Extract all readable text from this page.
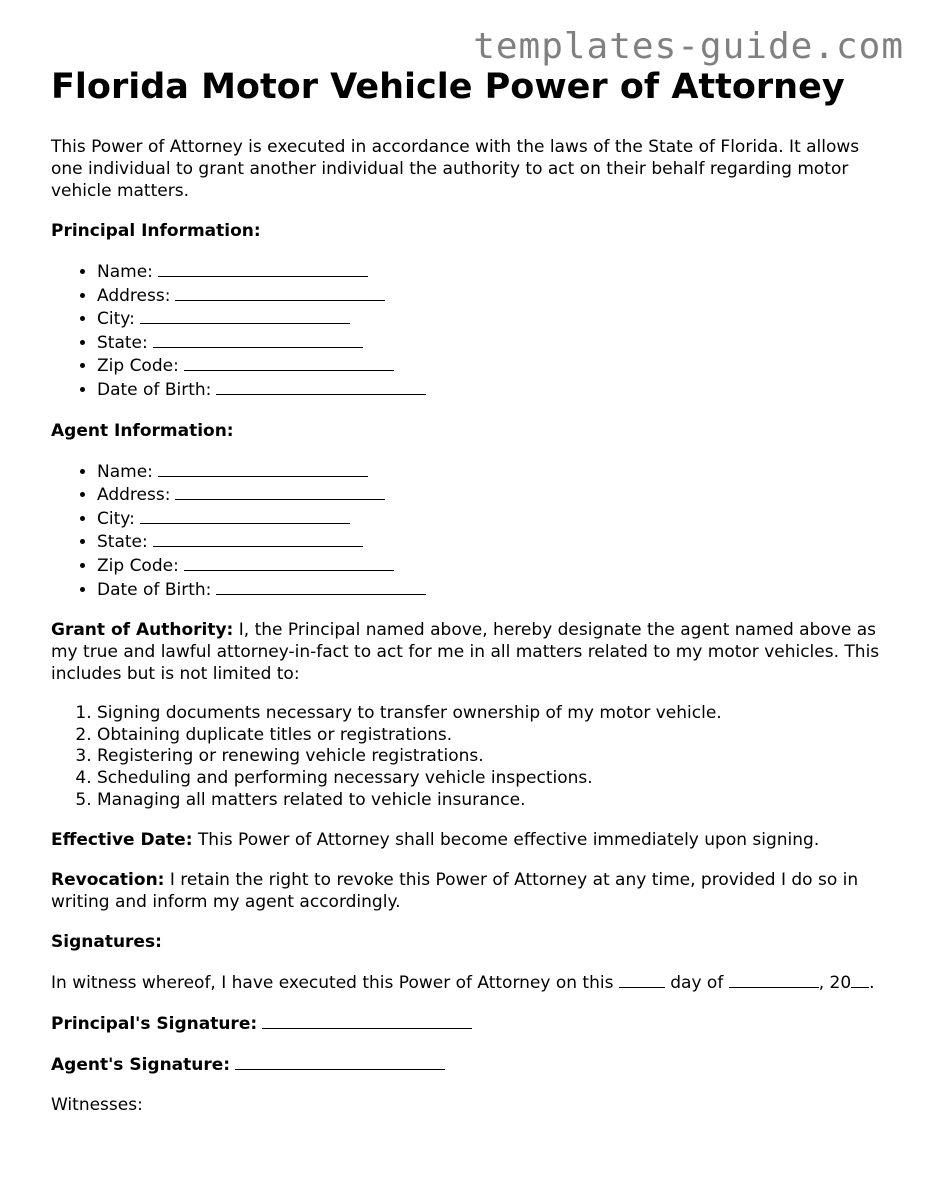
templates-guide.com
Florida Motor Vehicle Power of Attorney

This Power of Attorney is executed in accordance with the laws of the State of Florida. It allows one individual to grant another individual the authority to act on their behalf regarding motor vehicle matters.

Principal Information:

• Name:
• Address:
• City:
• State:
• Zip Code:
• Date of Birth:

Agent Information:

• Name:
• Address:
• City:
• State:
• Zip Code:
• Date of Birth:

Grant of Authority: I, the Principal named above, hereby designate the agent named above as my true and lawful attorney-in-fact to act for me in all matters related to my motor vehicles. This includes but is not limited to:

1. Signing documents necessary to transfer ownership of my motor vehicle.
2. Obtaining duplicate titles or registrations.
3. Registering or renewing vehicle registrations.
4. Scheduling and performing necessary vehicle inspections.
5. Managing all matters related to vehicle insurance.

Effective Date: This Power of Attorney shall become effective immediately upon signing.

Revocation: I retain the right to revoke this Power of Attorney at any time, provided I do so in writing and inform my agent accordingly.

Signatures:

In witness whereof, I have executed this Power of Attorney on this	day of	, 20 .

Principal's Signature:

Agent's Signature:

Witnesses:
